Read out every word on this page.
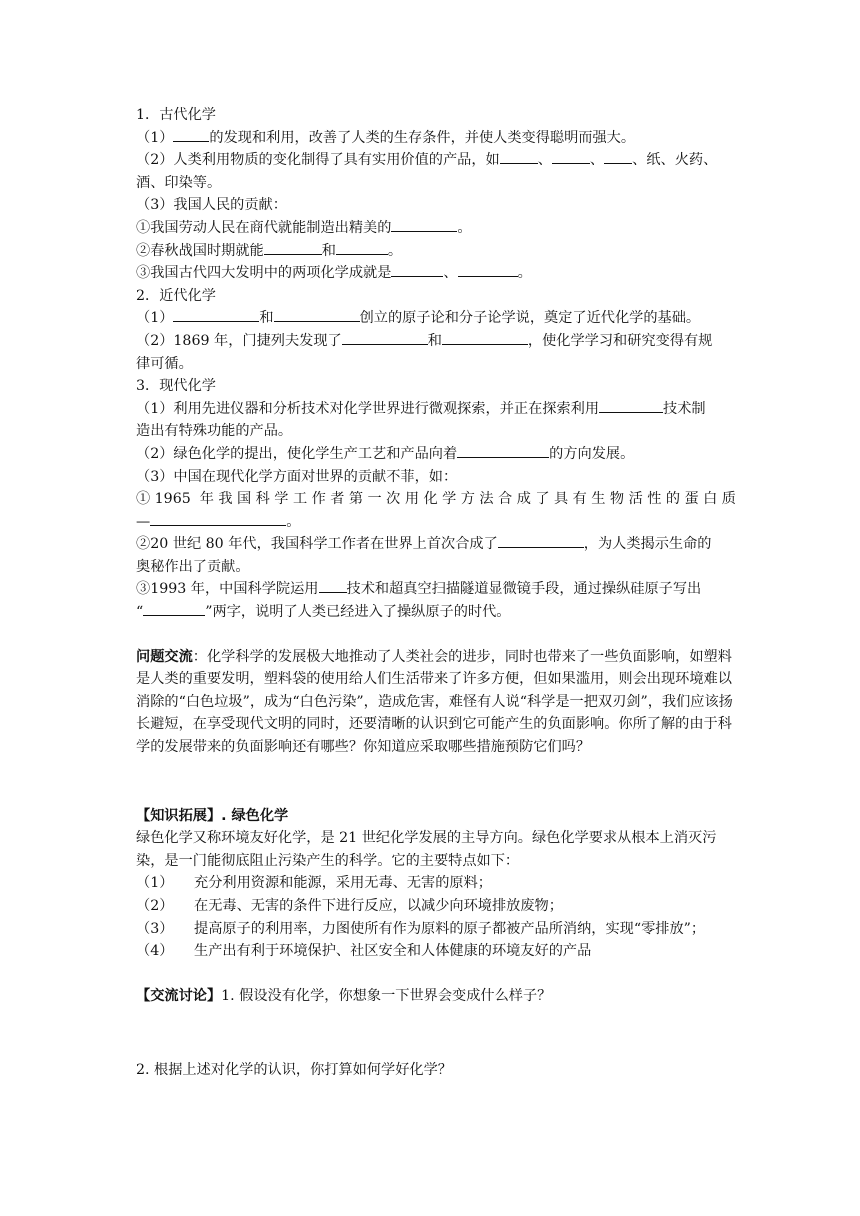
1．古代化学
（1）	的发现和利用，改善了人类的生存条件，并使人类变得聪明而强大。
（2）人类利用物质的变化制得了具有实用价值的产品，如	、	、 、纸、火药、
酒、印染等。
（3）我国人民的贡献：
①我国劳动人民在商代就能制造出精美的	。
②春秋战国时期就能	和	。
③我国古代四大发明中的两项化学成就是	、	。
2．近代化学
（1）	和	创立的原子论和分子论学说，奠定了近代化学的基础。
（2）1869 年，门捷列夫发现了	和	，使化学学习和研究变得有规
律可循。
3．现代化学
（1）利用先进仪器和分析技术对化学世界进行微观探索，并正在探索利用	技术制
造出有特殊功能的产品。
（2）绿色化学的提出，使化学生产工艺和产品向着	的方向发展。
（3）中国在现代化学方面对世界的贡献不菲，如：
①1965 年我国科学工作者第一次用化学方法合成了具有生物活性的蛋白质
—	。
②20 世纪 80 年代，我国科学工作者在世界上首次合成了	，为人类揭示生命的
奥秘作出了贡献。
③1993 年，中国科学院运用 技术和超真空扫描隧道显微镜手段，通过操纵硅原子写出
“	”两字，说明了人类已经进入了操纵原子的时代。
问题交流：化学科学的发展极大地推动了人类社会的进步，同时也带来了一些负面影响，如塑料是人类的重要发明，塑料袋的使用给人们生活带来了许多方便，但如果滥用，则会出现环境难以消除的“白色垃圾”，成为“白色污染”，造成危害，难怪有人说“科学是一把双刃剑”，我们应该扬长避短，在享受现代文明的同时，还要清晰的认识到它可能产生的负面影响。你所了解的由于科学的发展带来的负面影响还有哪些？你知道应采取哪些措施预防它们吗？
【知识拓展】. 绿色化学
绿色化学又称环境友好化学，是 21 世纪化学发展的主导方向。绿色化学要求从根本上消灭污染，是一门能彻底阻止污染产生的科学。它的主要特点如下：
（1）	充分利用资源和能源，采用无毒、无害的原料；
（2）	在无毒、无害的条件下进行反应，以减少向环境排放废物；
（3）	提高原子的利用率，力图使所有作为原料的原子都被产品所消纳，实现“零排放”；
（4）	生产出有利于环境保护、社区安全和人体健康的环境友好的产品
【交流讨论】1. 假设没有化学，你想象一下世界会变成什么样子？
2. 根据上述对化学的认识，你打算如何学好化学？
